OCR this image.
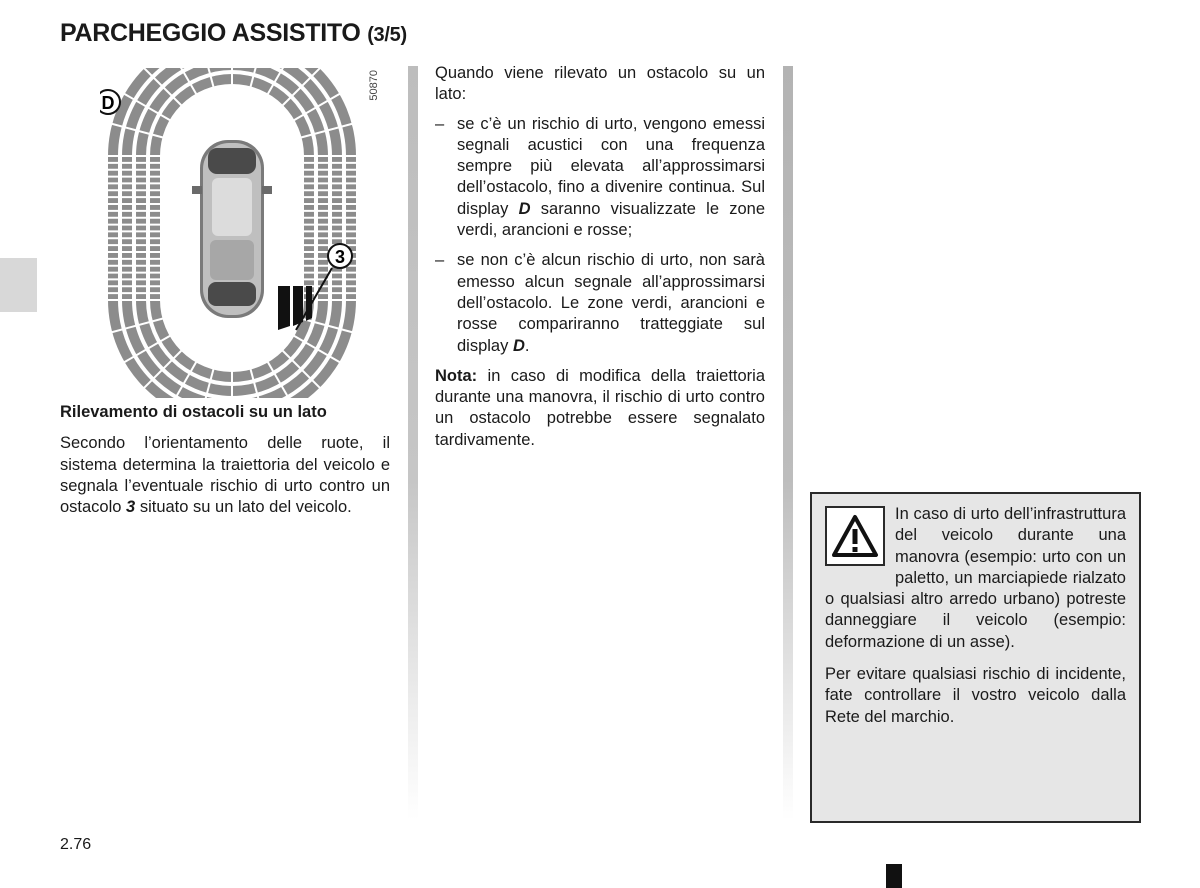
PARCHEGGIO ASSISTITO (3/5)
3
D
50870
Rilevamento di ostacoli su un lato

Secondo l’orientamento delle ruote, il sistema determina la traiettoria del veicolo e segnala l’eventuale rischio di urto contro un ostacolo 3 situato su un lato del veicolo.

Quando viene rilevato un ostacolo su un lato:

– se c’è un rischio di urto, vengono emessi segnali acustici con una frequenza sempre più elevata all’approssimarsi dell’ostacolo, fino a divenire continua. Sul display D saranno visualizzate le zone verdi, arancioni e rosse;
– se non c’è alcun rischio di urto, non sarà emesso alcun segnale all’approssimarsi dell’ostacolo. Le zone verdi, arancioni e rosse compariranno tratteggiate sul display D.

Nota: in caso di modifica della traiettoria durante una manovra, il rischio di urto contro un ostacolo potrebbe essere segnalato tardivamente.

In caso di urto dell’infrastruttura del veicolo durante una manovra (esempio: urto con un paletto, un marciapiede rialzato o qualsiasi altro arredo urbano) potreste danneggiare il veicolo (esempio: deformazione di un asse).

Per evitare qualsiasi rischio di incidente, fate controllare il vostro veicolo dalla Rete del marchio.

2.76
